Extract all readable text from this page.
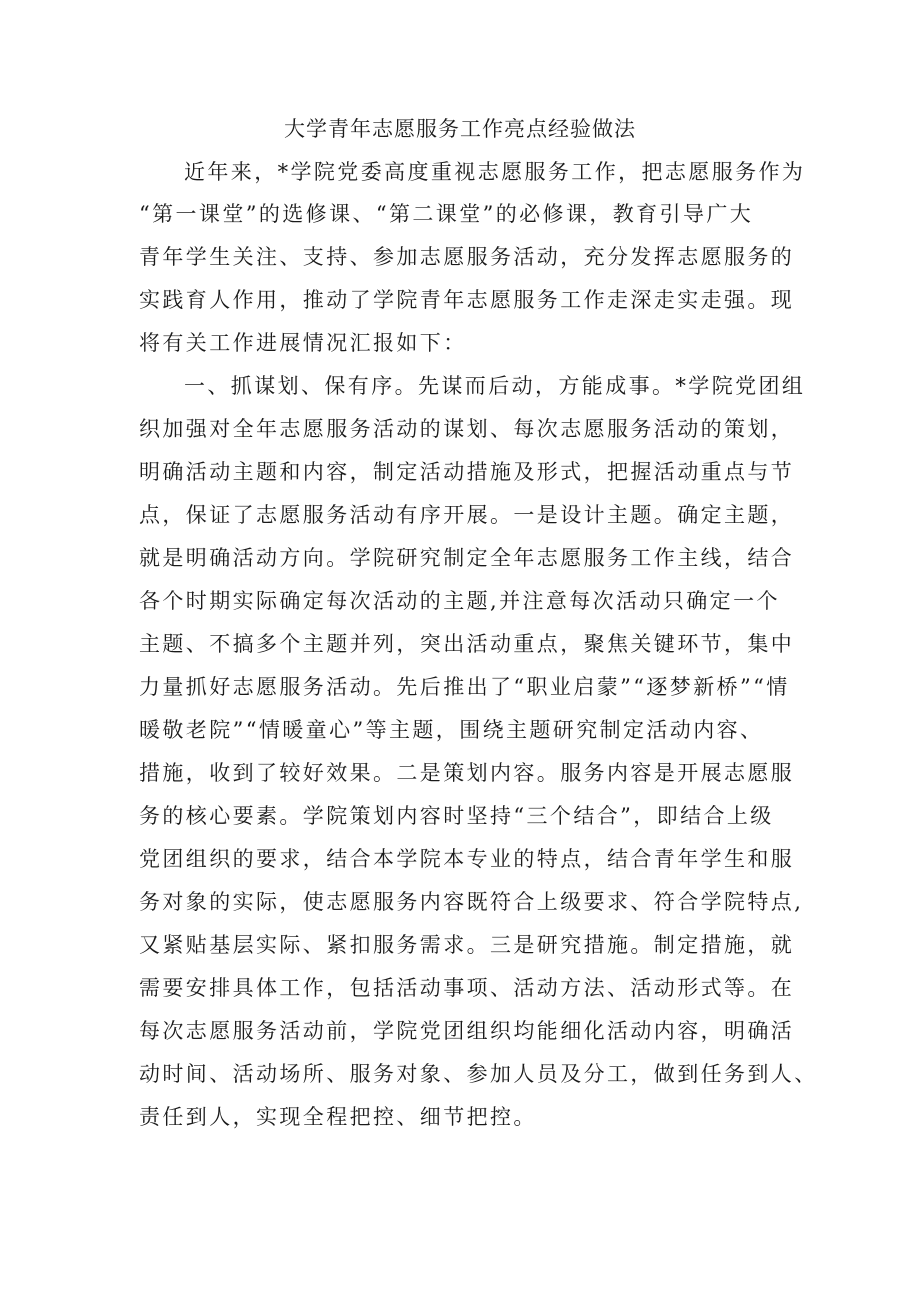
大学青年志愿服务工作亮点经验做法
近年来，*学院党委高度重视志愿服务工作，把志愿服务作为
“第一课堂”的选修课、“第二课堂”的必修课，教育引导广大
青年学生关注、支持、参加志愿服务活动，充分发挥志愿服务的
实践育人作用，推动了学院青年志愿服务工作走深走实走强。现
将有关工作进展情况汇报如下：
一、抓谋划、保有序。先谋而后动，方能成事。*学院党团组
织加强对全年志愿服务活动的谋划、每次志愿服务活动的策划，
明确活动主题和内容，制定活动措施及形式，把握活动重点与节
点，保证了志愿服务活动有序开展。一是设计主题。确定主题，
就是明确活动方向。学院研究制定全年志愿服务工作主线，结合
各个时期实际确定每次活动的主题,并注意每次活动只确定一个
主题、不搞多个主题并列，突出活动重点，聚焦关键环节，集中
力量抓好志愿服务活动。先后推出了“职业启蒙”“逐梦新桥”“情
暖敬老院”“情暖童心”等主题，围绕主题研究制定活动内容、
措施，收到了较好效果。二是策划内容。服务内容是开展志愿服
务的核心要素。学院策划内容时坚持“三个结合”，即结合上级
党团组织的要求，结合本学院本专业的特点，结合青年学生和服
务对象的实际，使志愿服务内容既符合上级要求、符合学院特点,
又紧贴基层实际、紧扣服务需求。三是研究措施。制定措施，就
需要安排具体工作，包括活动事项、活动方法、活动形式等。在
每次志愿服务活动前，学院党团组织均能细化活动内容，明确活
动时间、活动场所、服务对象、参加人员及分工，做到任务到人、
责任到人，实现全程把控、细节把控。
